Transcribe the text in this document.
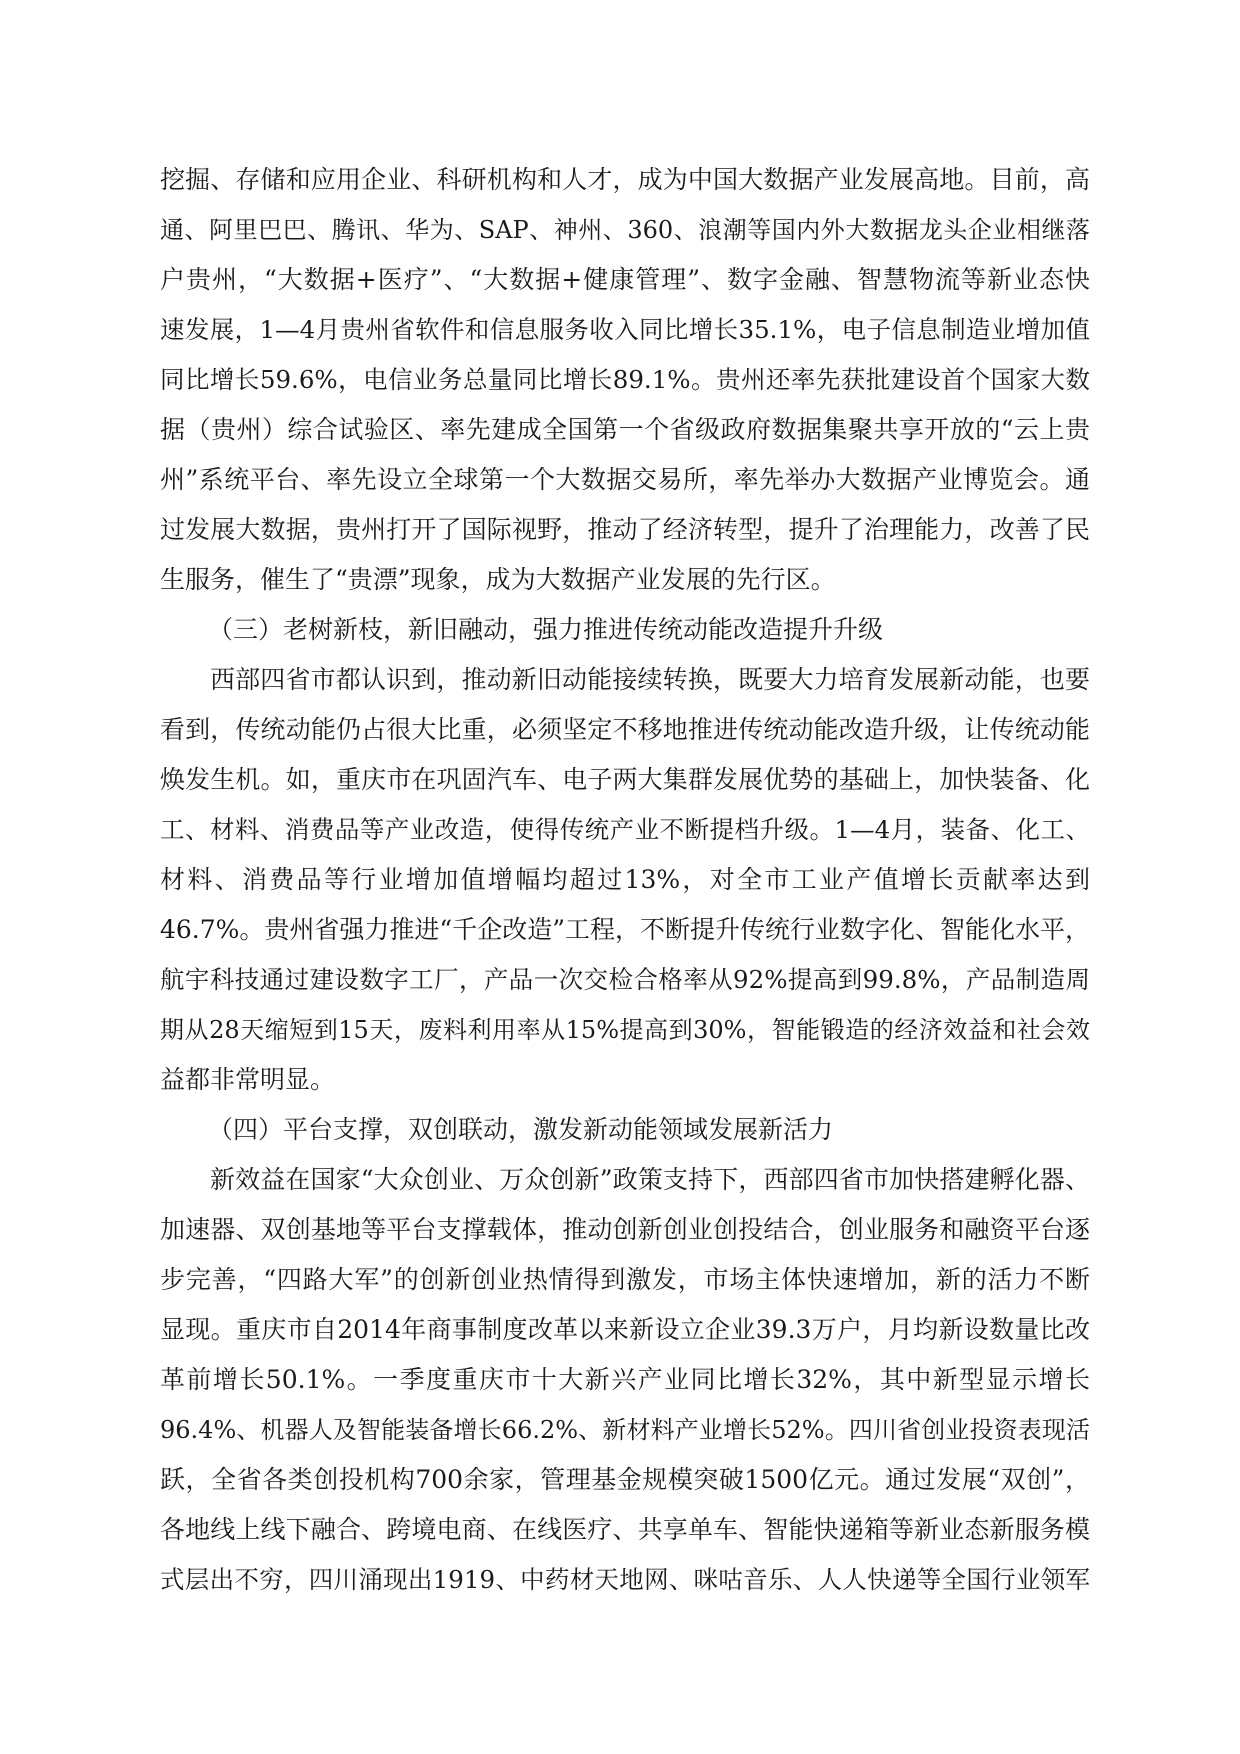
挖掘、存储和应用企业、科研机构和人才，成为中国大数据产业发展高地。目前，高
通、阿里巴巴、腾讯、华为、SAP、神州、360、浪潮等国内外大数据龙头企业相继落
户贵州，“大数据+医疗”、“大数据+健康管理”、数字金融、智慧物流等新业态快
速发展，1—4月贵州省软件和信息服务收入同比增长35.1%，电子信息制造业增加值
同比增长59.6%，电信业务总量同比增长89.1%。贵州还率先获批建设首个国家大数
据（贵州）综合试验区、率先建成全国第一个省级政府数据集聚共享开放的“云上贵
州”系统平台、率先设立全球第一个大数据交易所，率先举办大数据产业博览会。通
过发展大数据，贵州打开了国际视野，推动了经济转型，提升了治理能力，改善了民
生服务，催生了“贵漂”现象，成为大数据产业发展的先行区。
（三）老树新枝，新旧融动，强力推进传统动能改造提升升级
西部四省市都认识到，推动新旧动能接续转换，既要大力培育发展新动能，也要
看到，传统动能仍占很大比重，必须坚定不移地推进传统动能改造升级，让传统动能
焕发生机。如，重庆市在巩固汽车、电子两大集群发展优势的基础上，加快装备、化
工、材料、消费品等产业改造，使得传统产业不断提档升级。1—4月，装备、化工、
材料、消费品等行业增加值增幅均超过13%，对全市工业产值增长贡献率达到
46.7%。贵州省强力推进“千企改造”工程，不断提升传统行业数字化、智能化水平，
航宇科技通过建设数字工厂，产品一次交检合格率从92%提高到99.8%，产品制造周
期从28天缩短到15天，废料利用率从15%提高到30%，智能锻造的经济效益和社会效
益都非常明显。
（四）平台支撑，双创联动，激发新动能领域发展新活力
新效益在国家“大众创业、万众创新”政策支持下，西部四省市加快搭建孵化器、
加速器、双创基地等平台支撑载体，推动创新创业创投结合，创业服务和融资平台逐
步完善，“四路大军”的创新创业热情得到激发，市场主体快速增加，新的活力不断
显现。重庆市自2014年商事制度改革以来新设立企业39.3万户，月均新设数量比改
革前增长50.1%。一季度重庆市十大新兴产业同比增长32%，其中新型显示增长
96.4%、机器人及智能装备增长66.2%、新材料产业增长52%。四川省创业投资表现活
跃，全省各类创投机构700余家，管理基金规模突破1500亿元。通过发展“双创”，
各地线上线下融合、跨境电商、在线医疗、共享单车、智能快递箱等新业态新服务模
式层出不穷，四川涌现出1919、中药材天地网、咪咕音乐、人人快递等全国行业领军
